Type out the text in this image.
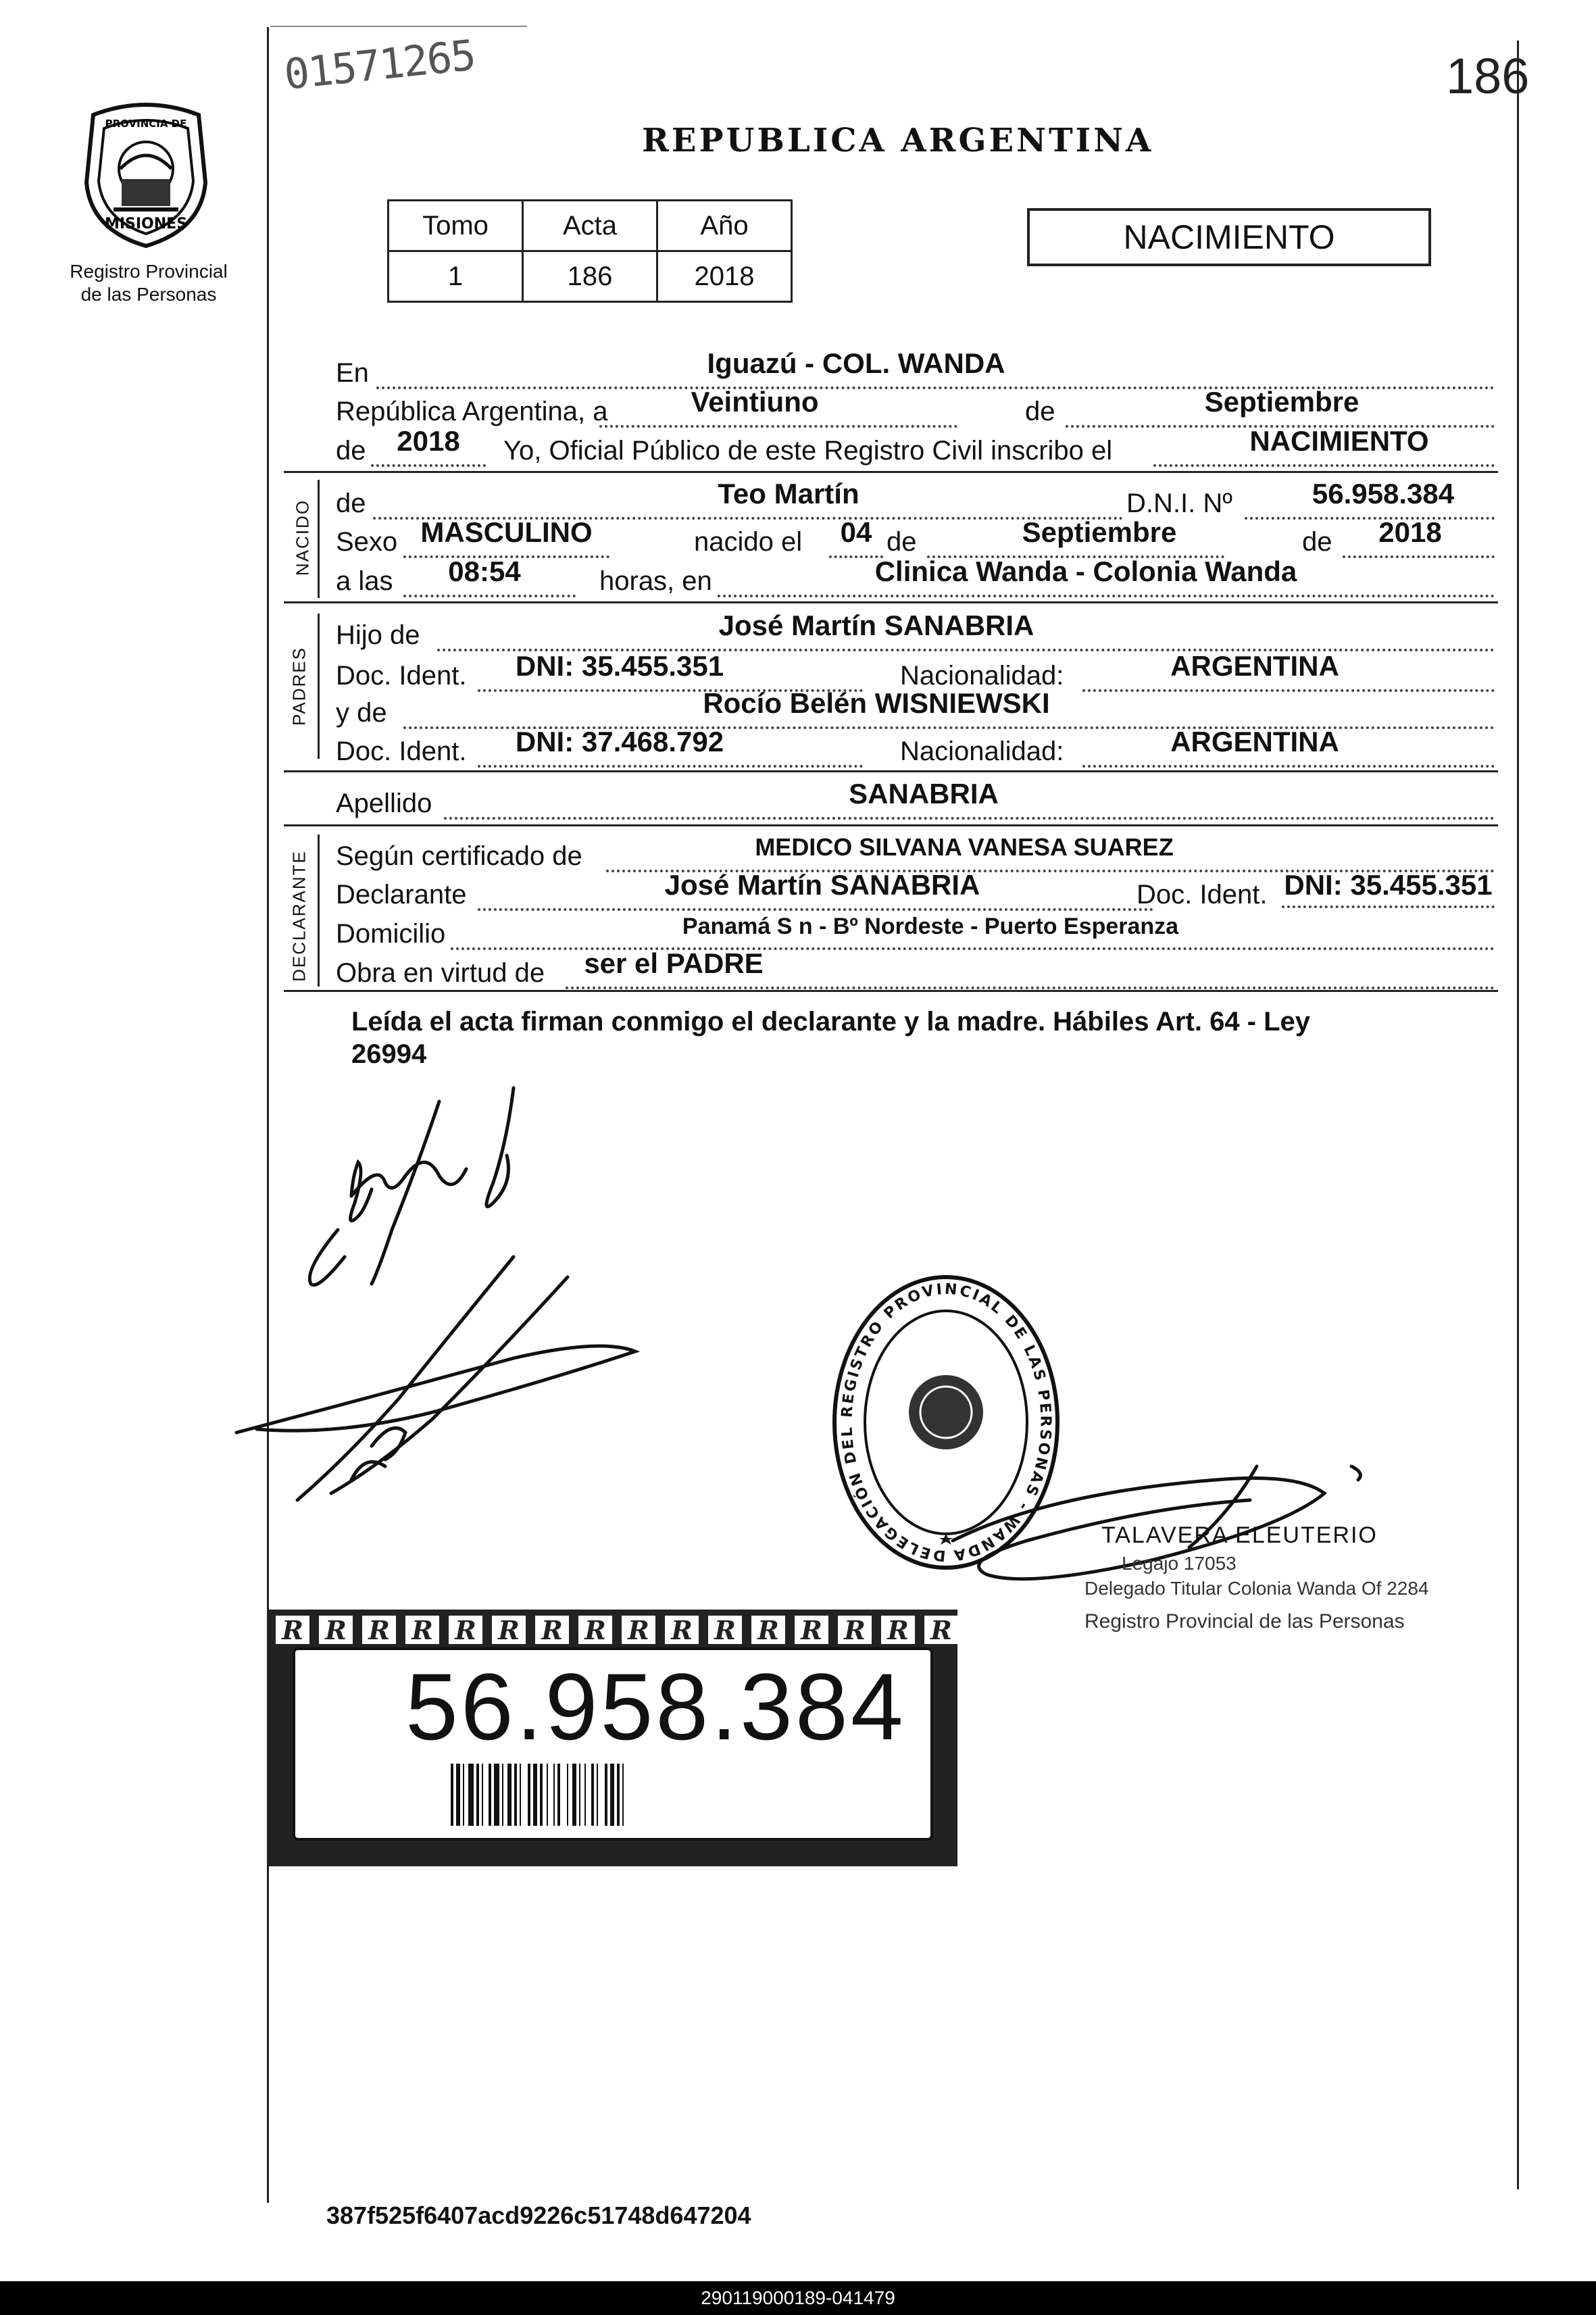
01571265	186
PROVINCIA DE
MISIONES
Registro Provincial
de las Personas
REPUBLICA ARGENTINA
Tomo	Acta	Año
1	186	2018
NACIMIENTO
En	Iguazú - COL. WANDA
República Argentina, a	Veintiuno	de	Septiembre
de	2018	Yo, Oficial Público de este Registro Civil inscribo el	NACIMIENTO
NACIDO de	Teo Martín	D.N.I. Nº	56.958.384
Sexo MASCULINO	nacido el	04 de	Septiembre	de	2018
a las	08:54	horas, en	Clinica Wanda - Colonia Wanda
PADRES
Hijo de	José Martín SANABRIA
Doc. Ident.	DNI: 35.455.351	Nacionalidad:	ARGENTINA
y de	Rocío Belén WISNIEWSKI
Doc. Ident.	DNI: 37.468.792	Nacionalidad:	ARGENTINA
Apellido	SANABRIA
DECLARANTE Según certificado de	MEDICO SILVANA VANESA SUAREZ
Declarante	José Martín SANABRIA	Doc. Ident. DNI: 35.455.351
Domicilio	Panamá S n - Bº Nordeste - Puerto Esperanza
Obra en virtud de	ser el PADRE
Leída el acta firman conmigo el declarante y la madre. Hábiles Art. 64 - Ley
26994
DELEGACIÓN DEL REGISTRO PROVINCIAL DE LAS PERSONAS - WANDA
TALAVERA ELEUTERIO
Legajo 17053
Delegado Titular Colonia Wanda Of 2284
Registro Provincial de las Personas
R R R R R R R R R R R R R R R R
56.958.384
387f525f6407acd9226c51748d647204
290119000189-041479
